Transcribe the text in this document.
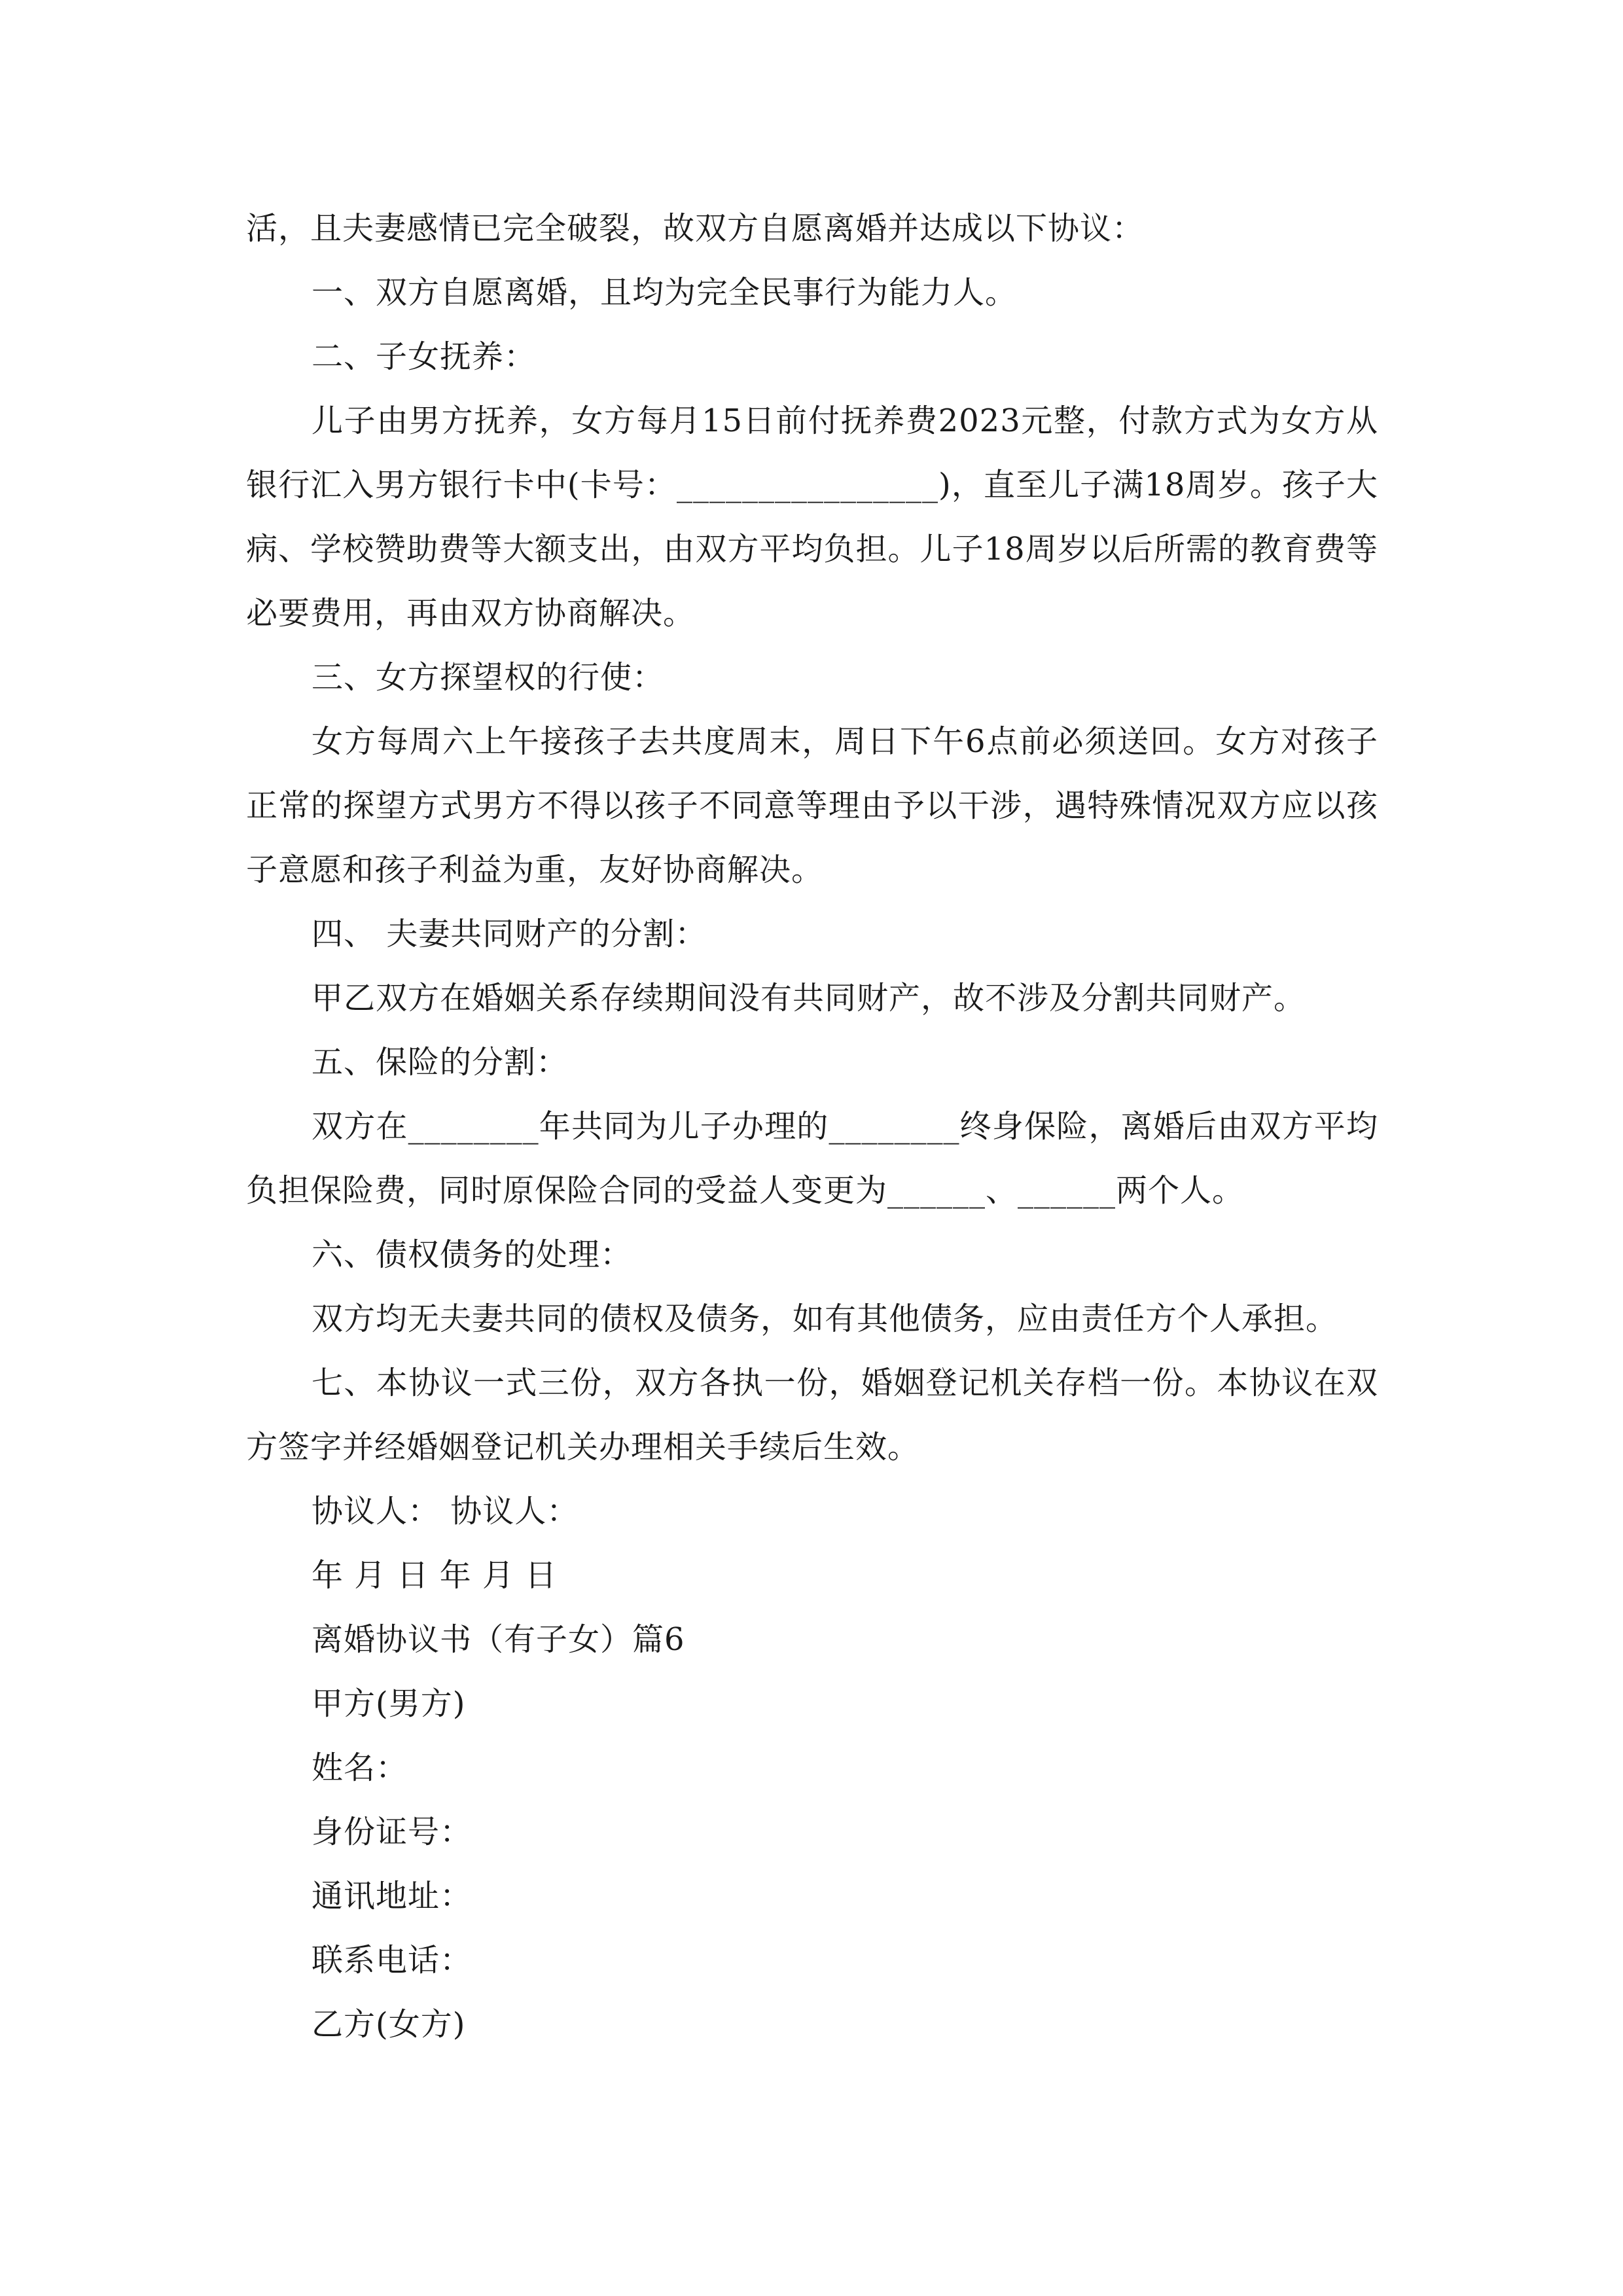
活，且夫妻感情已完全破裂，故双方自愿离婚并达成以下协议：

一、双方自愿离婚，且均为完全民事行为能力人。

二、子女抚养：

儿子由男方抚养，女方每月15日前付抚养费2023元整，付款方式为女方从银行汇入男方银行卡中(卡号：________________)，直至儿子满18周岁。孩子大病、学校赞助费等大额支出，由双方平均负担。儿子18周岁以后所需的教育费等必要费用，再由双方协商解决。

三、女方探望权的行使：

女方每周六上午接孩子去共度周末，周日下午6点前必须送回。女方对孩子正常的探望方式男方不得以孩子不同意等理由予以干涉，遇特殊情况双方应以孩子意愿和孩子利益为重，友好协商解决。

四、 夫妻共同财产的分割：

甲乙双方在婚姻关系存续期间没有共同财产，故不涉及分割共同财产。

五、保险的分割：

双方在________年共同为儿子办理的________终身保险，离婚后由双方平均负担保险费，同时原保险合同的受益人变更为______、______两个人。

六、债权债务的处理：

双方均无夫妻共同的债权及债务，如有其他债务，应由责任方个人承担。

七、本协议一式三份，双方各执一份，婚姻登记机关存档一份。本协议在双方签字并经婚姻登记机关办理相关手续后生效。

协议人： 协议人：

年 月 日 年 月 日

离婚协议书（有子女）篇6

甲方(男方)

姓名：

身份证号：

通讯地址：

联系电话：

乙方(女方)
